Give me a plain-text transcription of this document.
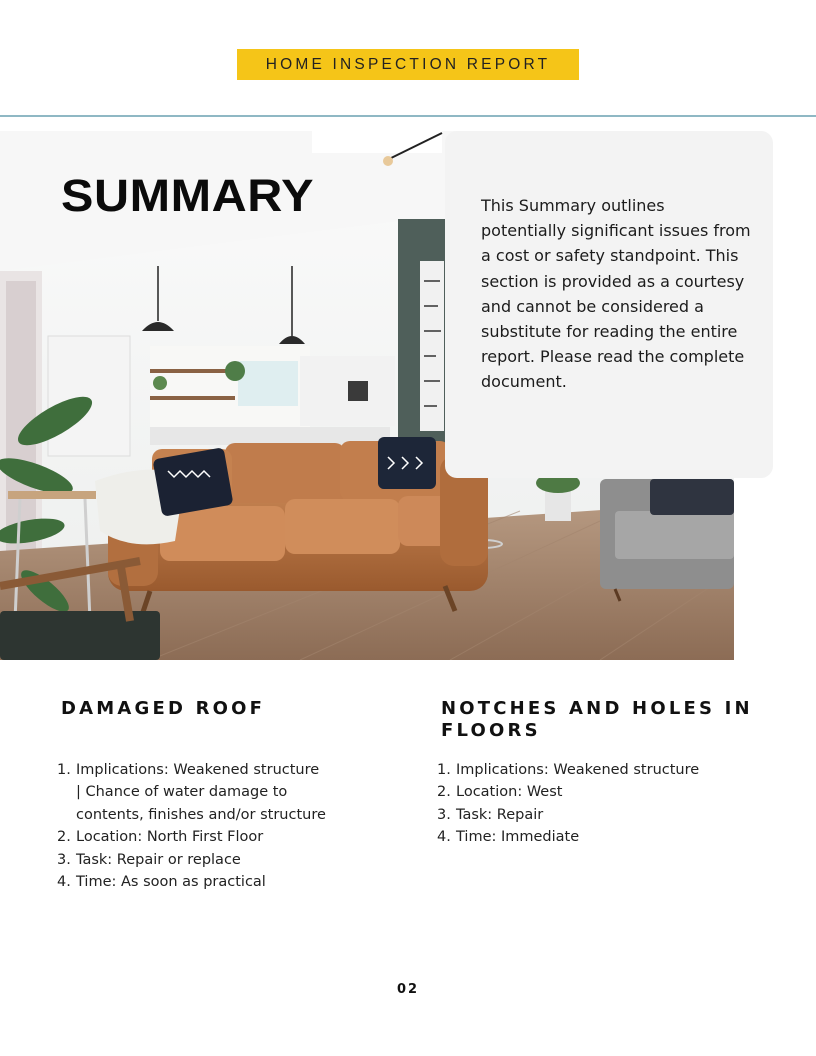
HOME INSPECTION REPORT
SUMMARY	This Summary outlines potentially significant issues from a cost or safety standpoint. This section is provided as a courtesy and cannot be considered a substitute for reading the entire report. Please read the complete document.
DAMAGED ROOF
1. Implications: Weakened structure | Chance of water damage to contents, finishes and/or structure
2. Location: North First Floor
3. Task: Repair or replace
4. Time: As soon as practical
NOTCHES AND HOLES IN FLOORS
1. Implications: Weakened structure
2. Location: West
3. Task: Repair
4. Time: Immediate
02
